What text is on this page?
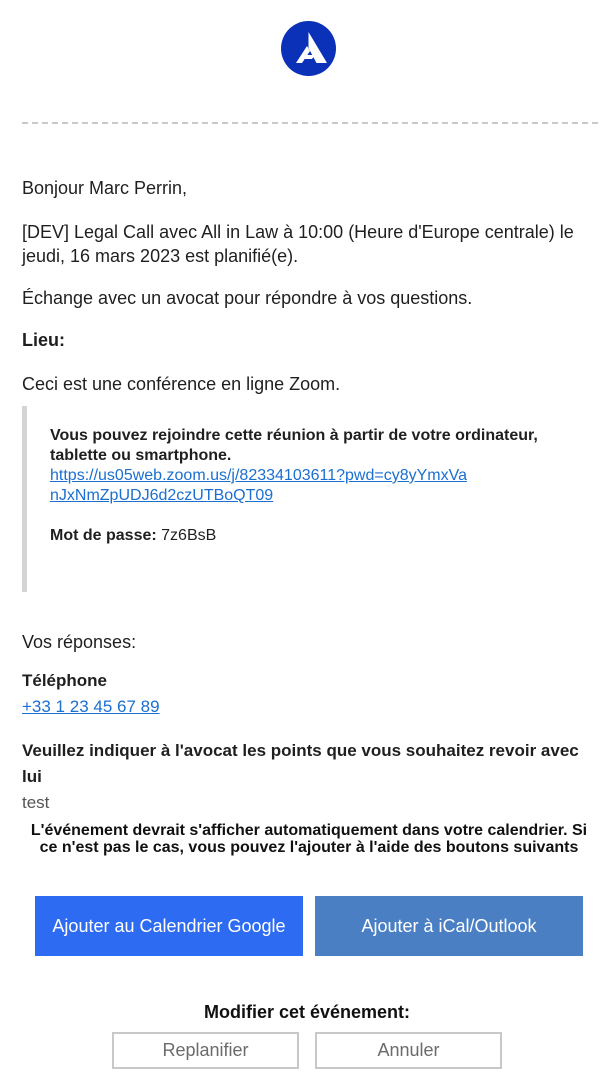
Bonjour Marc Perrin,

[DEV] Legal Call avec All in Law à 10:00 (Heure d'Europe centrale) le jeudi, 16 mars 2023 est planifié(e).

Échange avec un avocat pour répondre à vos questions.

Lieu:

Ceci est une conférence en ligne Zoom.

Vous pouvez rejoindre cette réunion à partir de votre ordinateur, tablette ou smartphone.
https://us05web.zoom.us/j/82334103611?pwd=cy8yYmxVanJxNmZpUDJ6d2czUTBoQT09
Mot de passe: 7z6BsB
Vos réponses:
Téléphone
+33 1 23 45 67 89
Veuillez indiquer à l'avocat les points que vous souhaitez revoir avec lui
test
L'événement devrait s'afficher automatiquement dans votre calendrier. Si ce n'est pas le cas, vous pouvez l'ajouter à l'aide des boutons suivants
Ajouter au Calendrier Google	Ajouter à iCal/Outlook
Modifier cet événement:
Replanifier	Annuler
